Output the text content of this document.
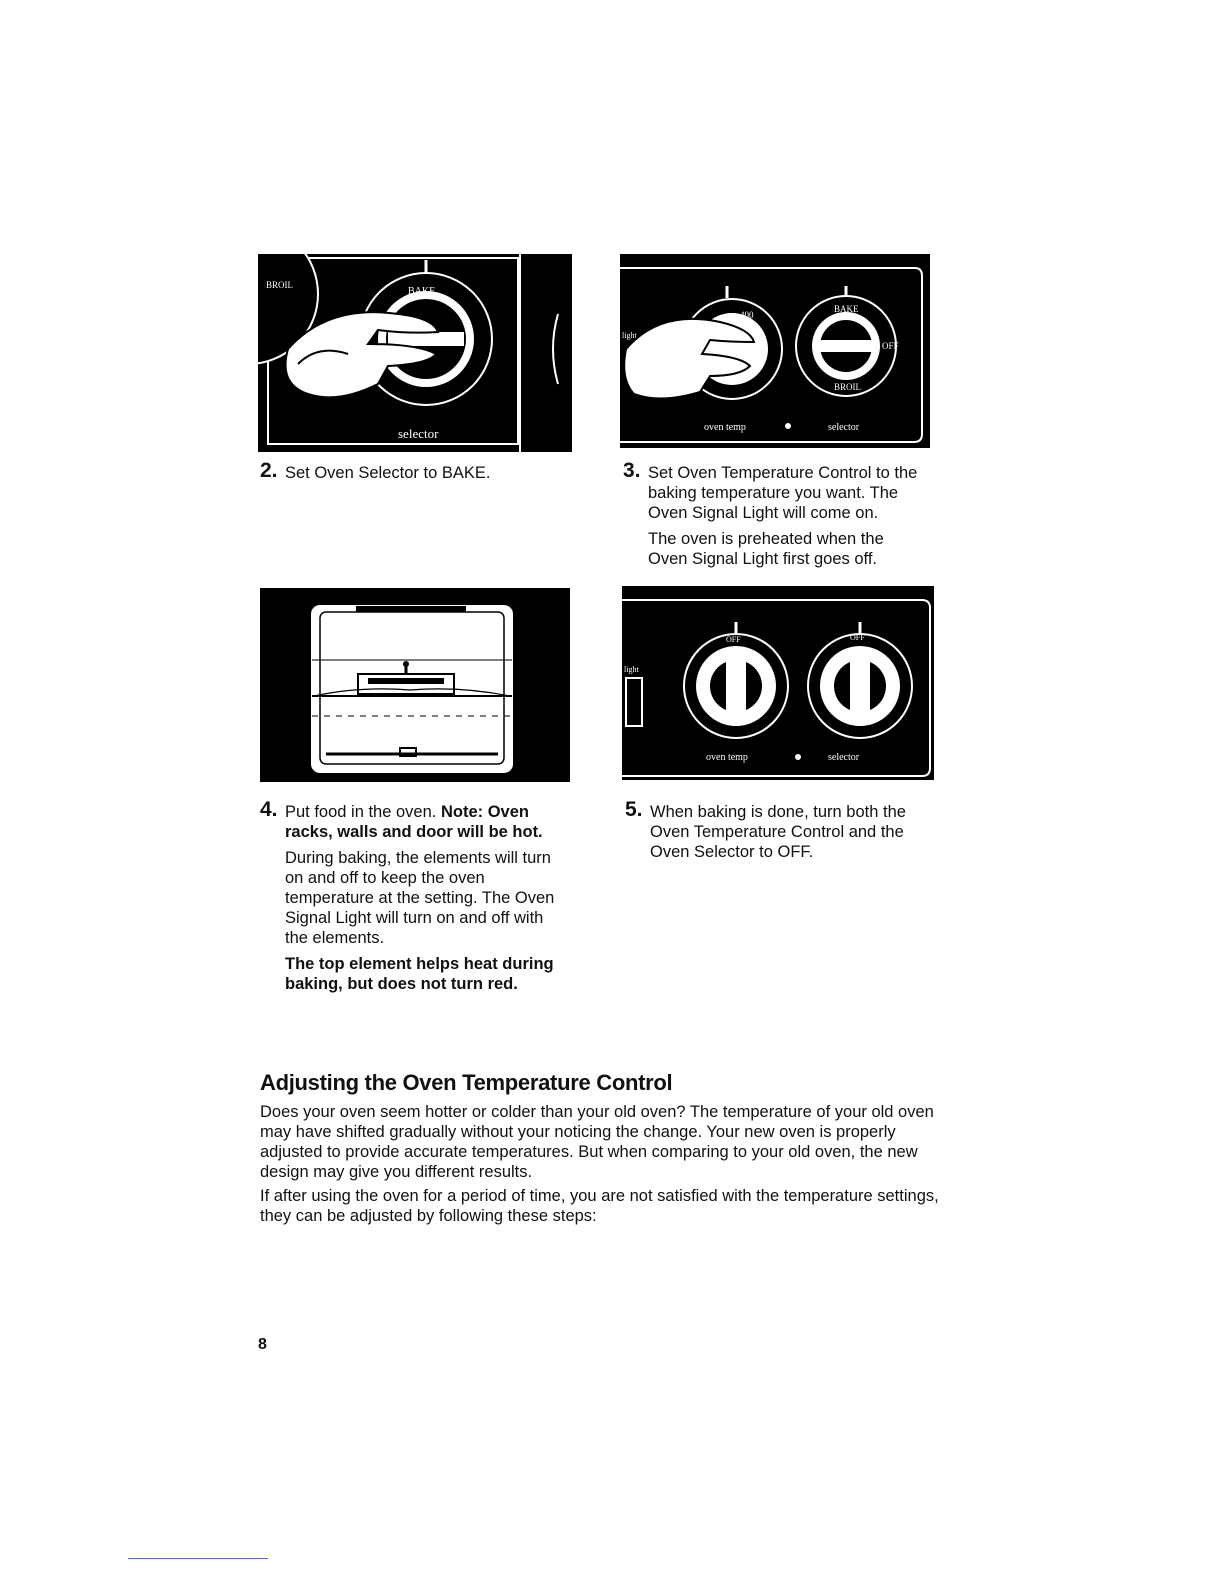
BAKE
BROIL
selector
400
BAKE
OFF
BROIL
light
oven temp	selector
light
OFF	OFF
oven temp	selector
2. Set Oven Selector to BAKE.	3. Set Oven Temperature Control to the baking temperature you want. The Oven Signal Light will come on.

The oven is preheated when the Oven Signal Light first goes off.

4. Put food in the oven. Note: Oven racks, walls and door will be hot.

During baking, the elements will turn on and off to keep the oven temperature at the setting. The Oven Signal Light will turn on and off with the elements.

The top element helps heat during baking, but does not turn red.

5. When baking is done, turn both the Oven Temperature Control and the Oven Selector to OFF.

Adjusting the Oven Temperature Control

Does your oven seem hotter or colder than your old oven? The temperature of your old oven may have shifted gradually without your noticing the change. Your new oven is properly adjusted to provide accurate temperatures. But when comparing to your old oven, the new design may give you different results.

If after using the oven for a period of time, you are not satisfied with the temperature settings, they can be adjusted by following these steps:

8
